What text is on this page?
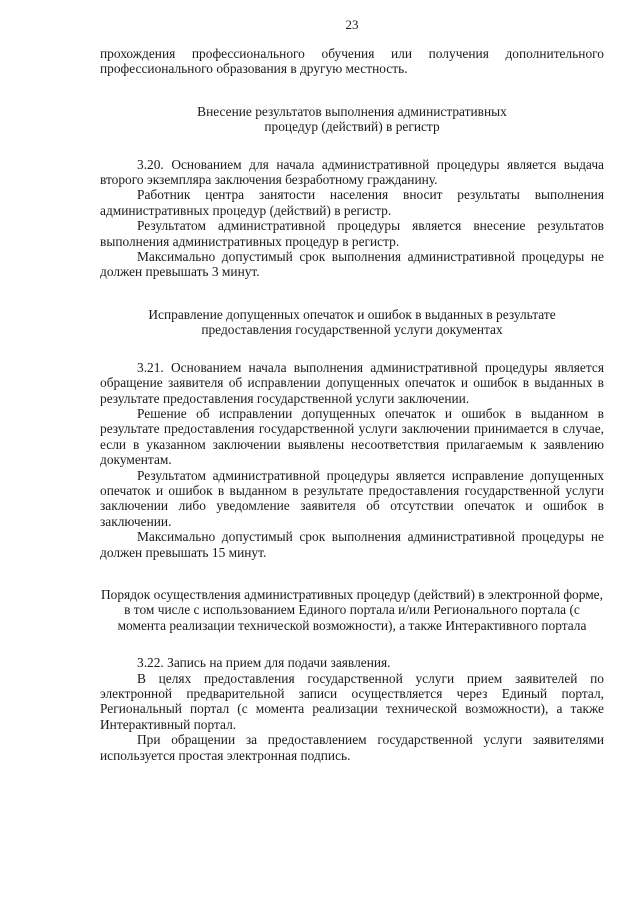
23

прохождения профессионального обучения или получения дополнительного профессионального образования в другую местность.

Внесение результатов выполнения административных процедур (действий) в регистр

3.20. Основанием для начала административной процедуры является выдача второго экземпляра заключения безработному гражданину.

Работник центра занятости населения вносит результаты выполнения административных процедур (действий) в регистр.

Результатом административной процедуры является внесение результатов выполнения административных процедур в регистр.

Максимально допустимый срок выполнения административной процедуры не должен превышать 3 минут.

Исправление допущенных опечаток и ошибок в выданных в результате предоставления государственной услуги документах

3.21. Основанием начала выполнения административной процедуры является обращение заявителя об исправлении допущенных опечаток и ошибок в выданных в результате предоставления государственной услуги заключении.

Решение об исправлении допущенных опечаток и ошибок в выданном в результате предоставления государственной услуги заключении принимается в случае, если в указанном заключении выявлены несоответствия прилагаемым к заявлению документам.

Результатом административной процедуры является исправление допущенных опечаток и ошибок в выданном в результате предоставления государственной услуги заключении либо уведомление заявителя об отсутствии опечаток и ошибок в заключении.

Максимально допустимый срок выполнения административной процедуры не должен превышать 15 минут.

Порядок осуществления административных процедур (действий) в электронной форме, в том числе с использованием Единого портала и/или Регионального портала (с момента реализации технической возможности), а также Интерактивного портала

3.22. Запись на прием для подачи заявления.

В целях предоставления государственной услуги прием заявителей по электронной предварительной записи осуществляется через Единый портал, Региональный портал (с момента реализации технической возможности), а также Интерактивный портал.

При обращении за предоставлением государственной услуги заявителями используется простая электронная подпись.
